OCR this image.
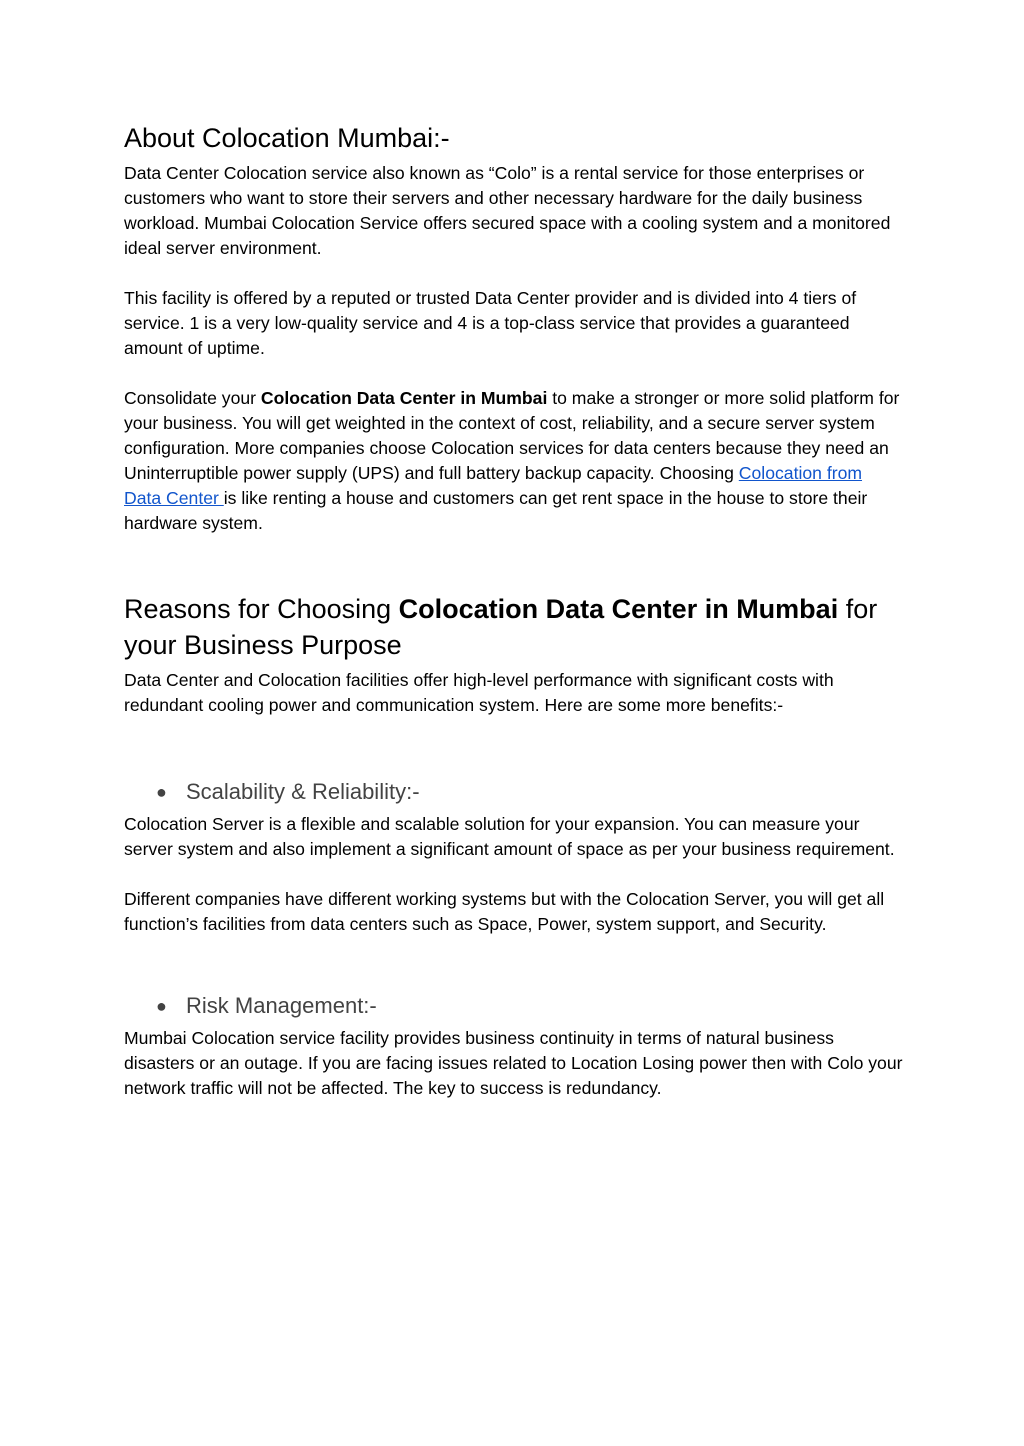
About Colocation Mumbai:-

Data Center Colocation service also known as “Colo” is a rental service for those enterprises or customers who want to store their servers and other necessary hardware for the daily business workload. Mumbai Colocation Service offers secured space with a cooling system and a monitored ideal server environment.

This facility is offered by a reputed or trusted Data Center provider and is divided into 4 tiers of service. 1 is a very low-quality service and 4 is a top-class service that provides a guaranteed amount of uptime.

Consolidate your Colocation Data Center in Mumbai to make a stronger or more solid platform for your business. You will get weighted in the context of cost, reliability, and a secure server system configuration. More companies choose Colocation services for data centers because they need an Uninterruptible power supply (UPS) and full battery backup capacity. Choosing Colocation from Data Center is like renting a house and customers can get rent space in the house to store their hardware system.

Reasons for Choosing Colocation Data Center in Mumbai for your Business Purpose

Data Center and Colocation facilities offer high-level performance with significant costs with redundant cooling power and communication system. Here are some more benefits:-

● Scalability & Reliability:-

Colocation Server is a flexible and scalable solution for your expansion. You can measure your server system and also implement a significant amount of space as per your business requirement.

Different companies have different working systems but with the Colocation Server, you will get all function’s facilities from data centers such as Space, Power, system support, and Security.

● Risk Management:-

Mumbai Colocation service facility provides business continuity in terms of natural business disasters or an outage. If you are facing issues related to Location Losing power then with Colo your network traffic will not be affected. The key to success is redundancy.
